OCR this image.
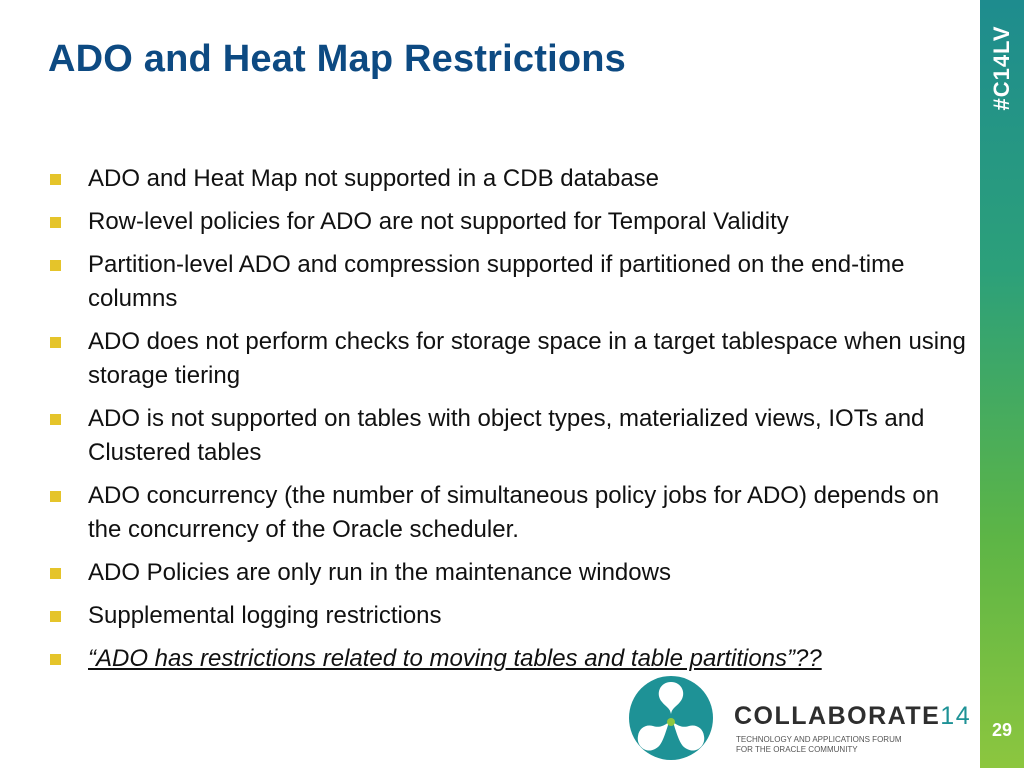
ADO and Heat Map Restrictions	#C14LV
29
ADO and Heat Map not supported in a CDB database
Row-level policies for ADO are not supported for Temporal Validity
Partition-level ADO and compression supported if partitioned on the end-time columns
ADO does not perform checks for storage space in a target tablespace when using storage tiering
ADO is not supported on tables with object types, materialized views, IOTs and Clustered tables
ADO concurrency (the number of simultaneous policy jobs for ADO) depends on the concurrency of the Oracle scheduler.
ADO Policies are only run in the maintenance windows
Supplemental logging restrictions
“ADO has restrictions related to moving tables and table partitions”??
COLLABORATE14
TECHNOLOGY AND APPLICATIONS FORUM
FOR THE ORACLE COMMUNITY
